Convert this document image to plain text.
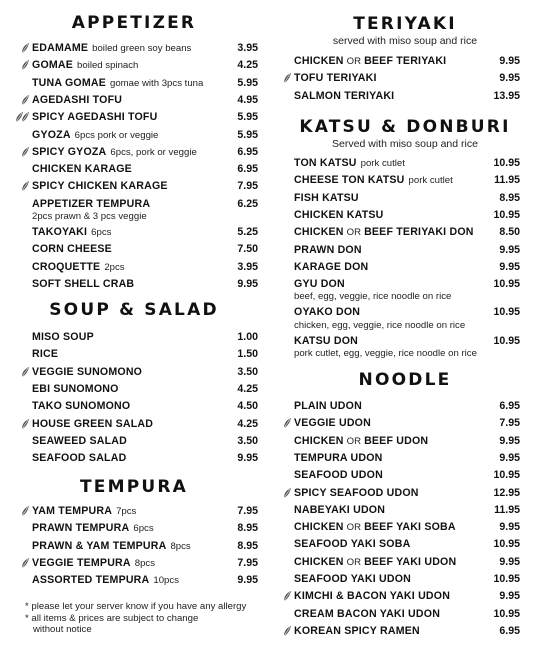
APPETIZER
EDAMAME boiled green soy beans	3.95
GOMAE boiled spinach	4.25
TUNA GOMAE gomae with 3pcs tuna	5.95
AGEDASHI TOFU	4.95
SPICY AGEDASHI TOFU	5.95
GYOZA 6pcs pork or veggie	5.95
SPICY GYOZA 6pcs, pork or veggie	6.95
CHICKEN KARAGE	6.95
SPICY CHICKEN KARAGE	7.95
APPETIZER TEMPURA	6.25
2pcs prawn & 3 pcs veggie
TAKOYAKI 6pcs	5.25
CORN CHEESE	7.50
CROQUETTE 2pcs	3.95
SOFT SHELL CRAB	9.95
SOUP & SALAD
MISO SOUP	1.00
RICE	1.50
VEGGIE SUNOMONO	3.50
EBI SUNOMONO	4.25
TAKO SUNOMONO	4.50
HOUSE GREEN SALAD	4.25
SEAWEED SALAD	3.50
SEAFOOD SALAD	9.95
TEMPURA
YAM TEMPURA 7pcs	7.95
PRAWN TEMPURA 6pcs	8.95
PRAWN & YAM TEMPURA 8pcs	8.95
VEGGIE TEMPURA 8pcs	7.95
ASSORTED TEMPURA 10pcs	9.95
* please let your server know if you have any allergy
* all items & prices are subject to change
without notice
TERIYAKI
served with miso soup and rice
CHICKEN OR BEEF TERIYAKI	9.95
TOFU TERIYAKI	9.95
SALMON TERIYAKI	13.95
KATSU & DONBURI
Served with miso soup and rice
TON KATSU pork cutlet	10.95
CHEESE TON KATSU pork cutlet	11.95
FISH KATSU	8.95
CHICKEN KATSU	10.95
CHICKEN OR BEEF TERIYAKI DON	8.50
PRAWN DON	9.95
KARAGE DON	9.95
GYU DON	10.95
beef, egg, veggie, rice noodle on rice
OYAKO DON	10.95
chicken, egg, veggie, rice noodle on rice
KATSU DON	10.95
pork cutlet, egg, veggie, rice noodle on rice
NOODLE
PLAIN UDON	6.95
VEGGIE UDON	7.95
CHICKEN OR BEEF UDON	9.95
TEMPURA UDON	9.95
SEAFOOD UDON	10.95
SPICY SEAFOOD UDON	12.95
NABEYAKI UDON	11.95
CHICKEN OR BEEF YAKI SOBA	9.95
SEAFOOD YAKI SOBA	10.95
CHICKEN OR BEEF YAKI UDON	9.95
SEAFOOD YAKI UDON	10.95
KIMCHI & BACON YAKI UDON	9.95
CREAM BACON YAKI UDON	10.95
KOREAN SPICY RAMEN	6.95
